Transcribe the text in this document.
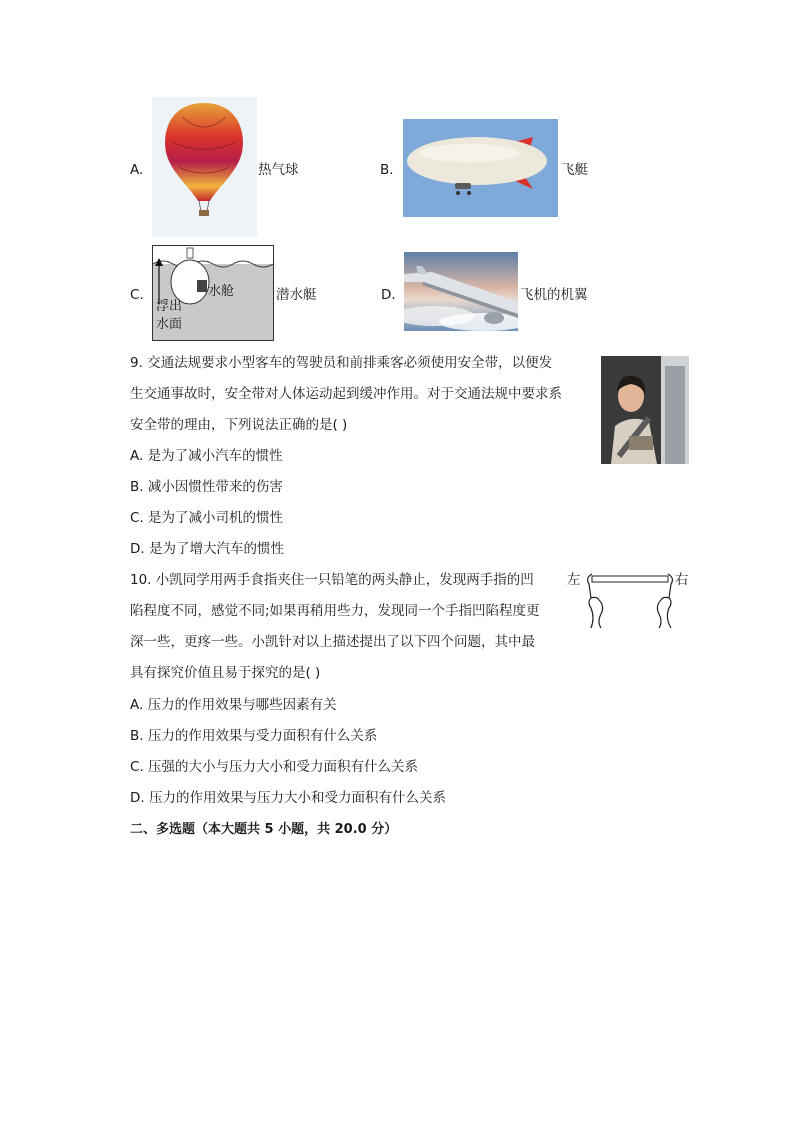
A.	热气球	B.	飞艇
C.	水舱
浮出
水面
潜水艇	D.	飞机的机翼
9. 交通法规要求小型客车的驾驶员和前排乘客必须使用安全带，以便发
生交通事故时，安全带对人体运动起到缓冲作用。对于交通法规中要求系
安全带的理由，下列说法正确的是( )
A. 是为了减小汽车的惯性
B. 减小因惯性带来的伤害
C. 是为了减小司机的惯性
D. 是为了增大汽车的惯性
10. 小凯同学用两手食指夹住一只铅笔的两头静止，发现两手指的凹
陷程度不同，感觉不同;如果再稍用些力，发现同一个手指凹陷程度更
深一些，更疼一些。小凯针对以上描述提出了以下四个问题，其中最
具有探究价值且易于探究的是( )
左	右
A. 压力的作用效果与哪些因素有关
B. 压力的作用效果与受力面积有什么关系
C. 压强的大小与压力大小和受力面积有什么关系
D. 压力的作用效果与压力大小和受力面积有什么关系
二、多选题（本大题共 5 小题，共 20.0 分）
